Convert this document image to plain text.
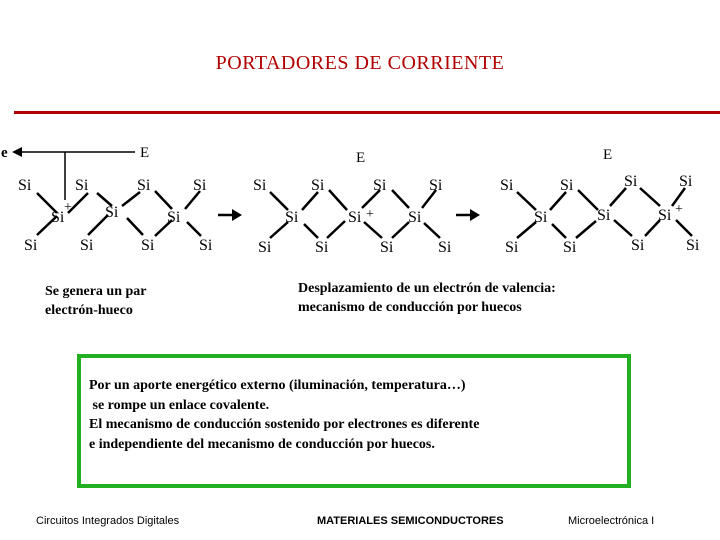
PORTADORES DE CORRIENTE
e	E	E	E
Si	Si	Si	Si
Si	Si	Si
Si	Si	Si	Si
Si	Si	Si	Si
Si	Si	Si
Si	Si	Si	Si
Si	Si	Si	Si
Si	Si	Si
Si	Si	Si	Si
+	+	+
Se genera un par
electrón-hueco
Desplazamiento de un electrón de valencia:
mecanismo de conducción por huecos
Por un aporte energético externo (iluminación, temperatura…)
se rompe un enlace covalente.
El mecanismo de conducción sostenido por electrones es diferente
e independiente del mecanismo de conducción por huecos.
Circuitos Integrados Digitales	MATERIALES SEMICONDUCTORES	Microelectrónica I
